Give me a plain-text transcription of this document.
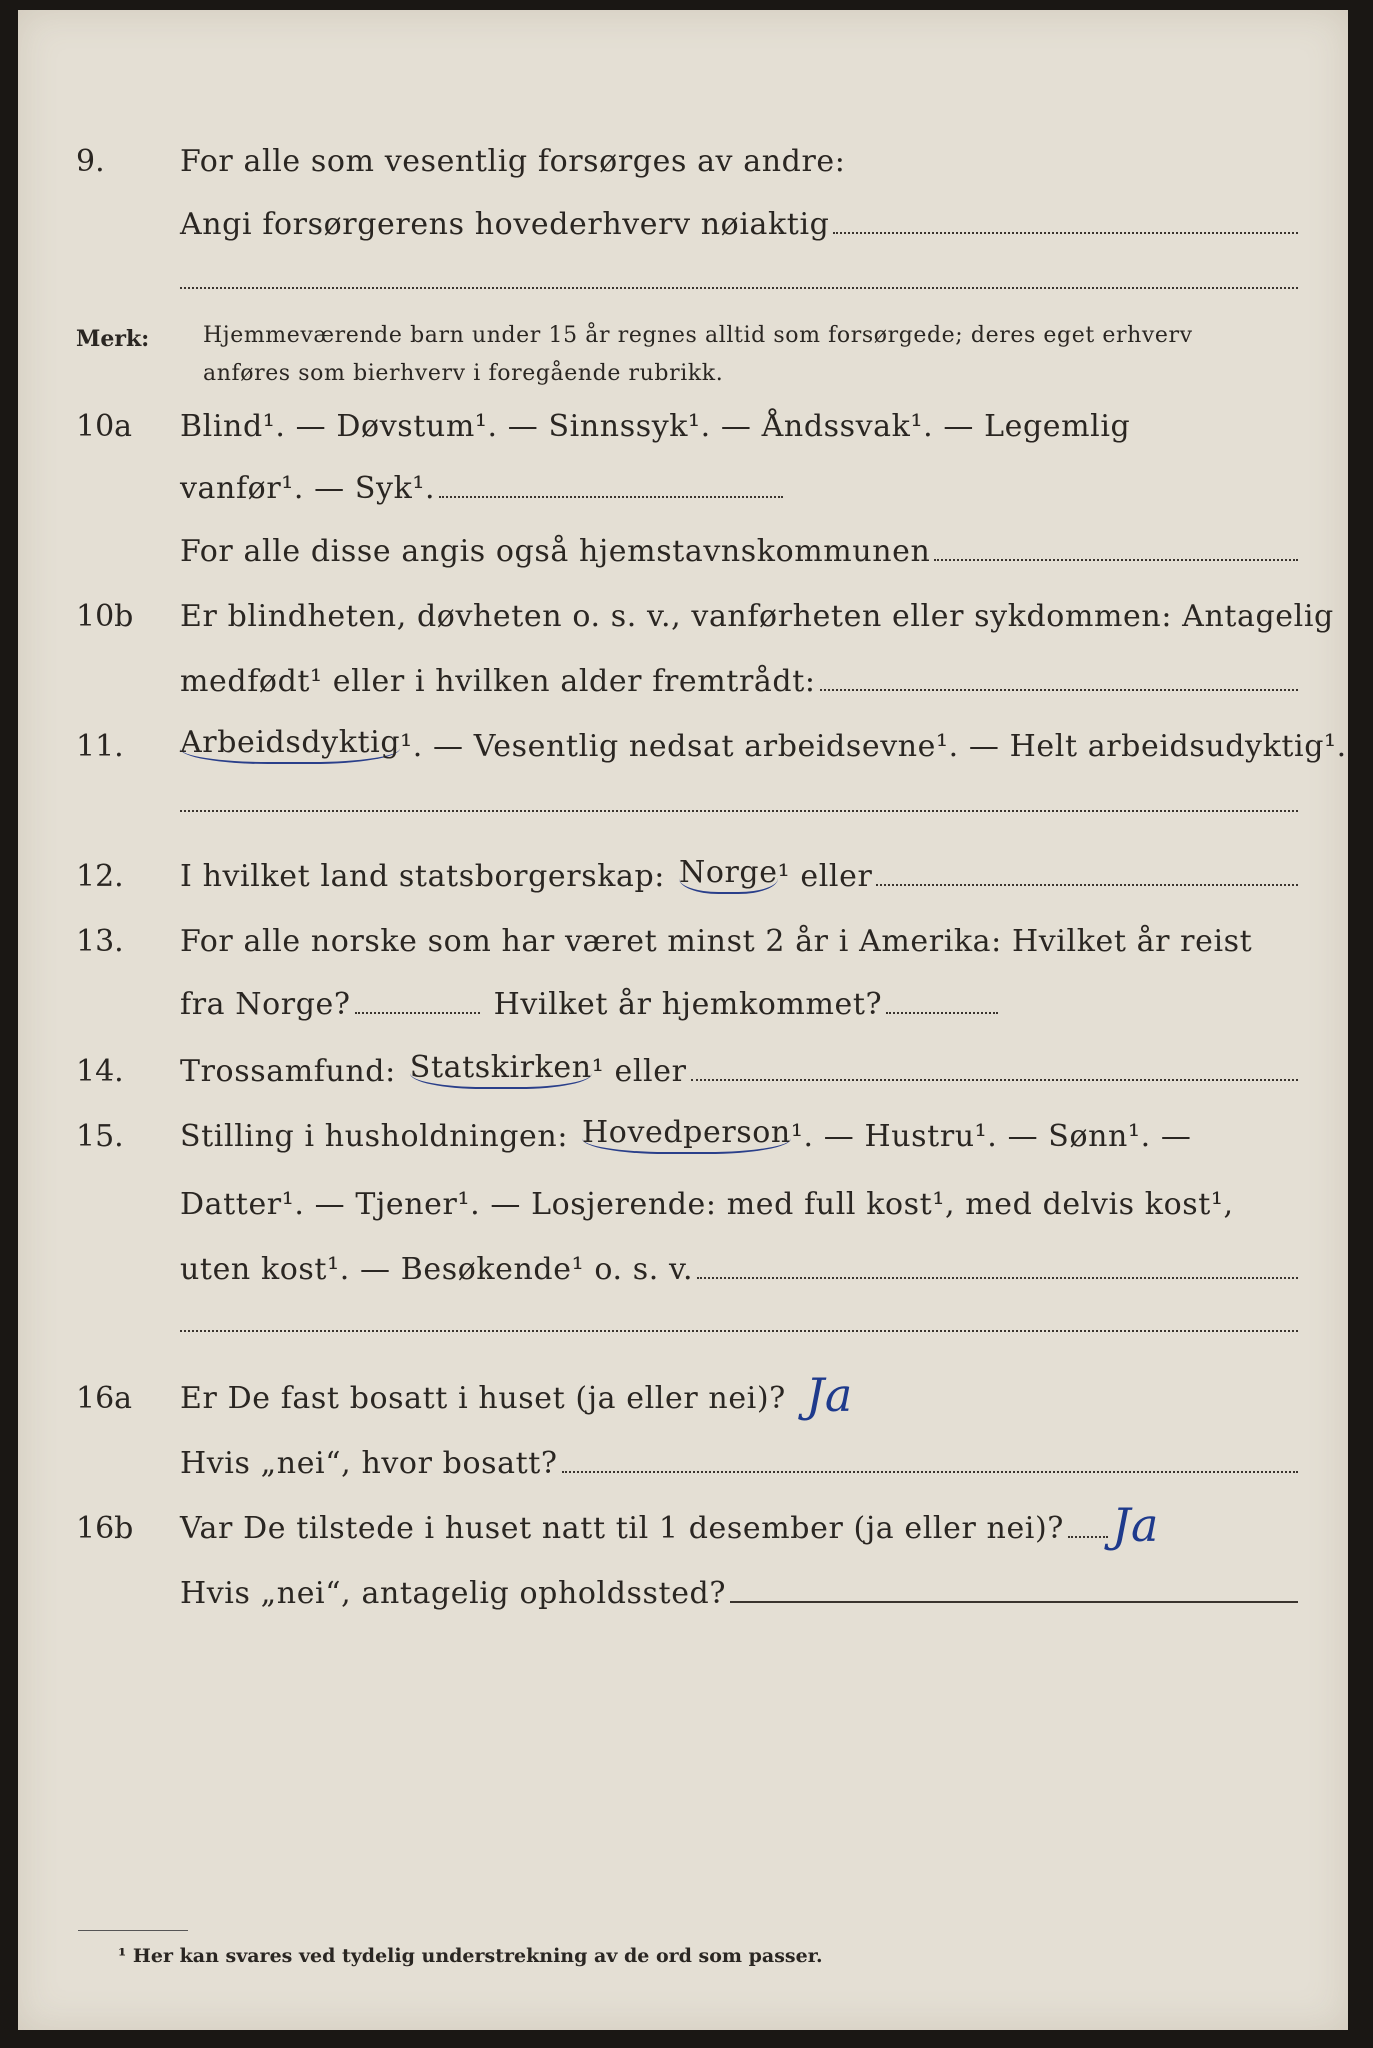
9.	For alle som vesentlig forsørges av andre:
Angi forsørgerens hovederhverv nøiaktig
Merk:	Hjemmeværende barn under 15 år regnes alltid som forsørgede; deres eget erhverv
anføres som bierhverv i foregående rubrikk.
10a	Blind¹. — Døvstum¹. — Sinnssyk¹. — Åndssvak¹. — Legemlig
vanfør¹. — Syk¹.
For alle disse angis også hjemstavnskommunen
10b	Er blindheten, døvheten o. s. v., vanførheten eller sykdommen: Antagelig
medfødt¹ eller i hvilken alder fremtrådt:
11.	Arbeidsdyktig ¹. — Vesentlig nedsat arbeidsevne¹. — Helt arbeidsudyktig¹.
12.	I hvilket land statsborgerskap: Norge ¹ eller
13.	For alle norske som har været minst 2 år i Amerika: Hvilket år reist
fra Norge?	Hvilket år hjemkommet?
14.	Trossamfund: Statskirken ¹ eller
15.	Stilling i husholdningen: Hovedperson ¹. — Hustru¹. — Sønn¹. —
Datter¹. — Tjener¹. — Losjerende: med full kost¹, med delvis kost¹,
uten kost¹. — Besøkende¹ o. s. v.
16a	Er De fast bosatt i huset (ja eller nei)? Ja
Hvis „nei“, hvor bosatt?
16b	Var De tilstede i huset natt til 1 desember (ja eller nei)? Ja
Hvis „nei“, antagelig opholdssted?
¹ Her kan svares ved tydelig understrekning av de ord som passer.
